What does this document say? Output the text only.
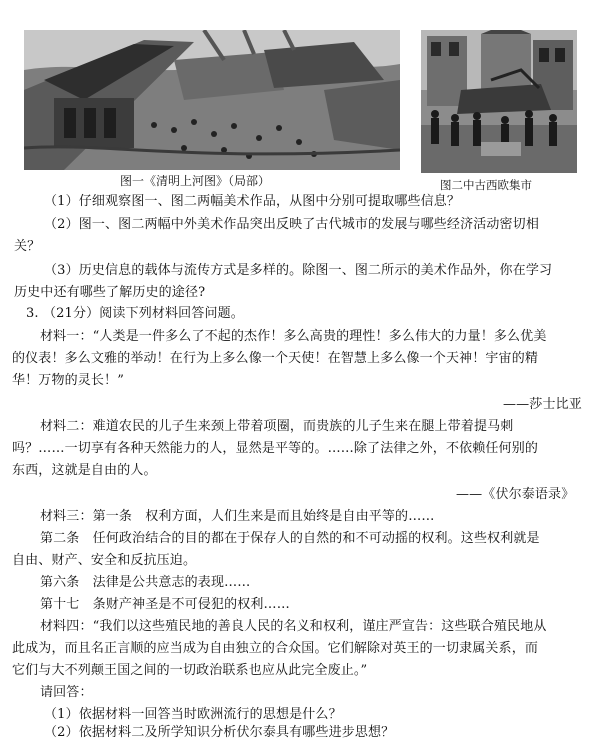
图一《清明上河图》（局部）	图二中古西欧集市
（1）仔细观察图一、图二两幅美术作品，从图中分别可提取哪些信息？
（2）图一、图二两幅中外美术作品突出反映了古代城市的发展与哪些经济活动密切相
关？
（3）历史信息的载体与流传方式是多样的。除图一、图二所示的美术作品外，你在学习
历史中还有哪些了解历史的途径?
3. （21分）阅读下列材料回答问题。
材料一：“人类是一件多么了不起的杰作！多么高贵的理性！多么伟大的力量！多么优美
的仪表！多么文雅的举动！在行为上多么像一个天使！在智慧上多么像一个天神！宇宙的精
华！万物的灵长！”
——莎士比亚
材料二：难道农民的儿子生来颈上带着项圈，而贵族的儿子生来在腿上带着提马刺
吗？……一切享有各种天然能力的人，显然是平等的。……除了法律之外，不依赖任何别的
东西，这就是自由的人。
——《伏尔泰语录》
材料三：第一条　权利方面，人们生来是而且始终是自由平等的……
第二条　任何政治结合的目的都在于保存人的自然的和不可动摇的权利。这些权利就是
自由、财产、安全和反抗压迫。
第六条　法律是公共意志的表现……
第十七　条财产神圣是不可侵犯的权利……
材料四：“我们以这些殖民地的善良人民的名义和权利，谨庄严宣告：这些联合殖民地从
此成为，而且名正言顺的应当成为自由独立的合众国。它们解除对英王的一切隶属关系，而
它们与大不列颠王国之间的一切政治联系也应从此完全废止。”
请回答：
（1）依据材料一回答当时欧洲流行的思想是什么？
（2）依据材料二及所学知识分析伏尔泰具有哪些进步思想？
